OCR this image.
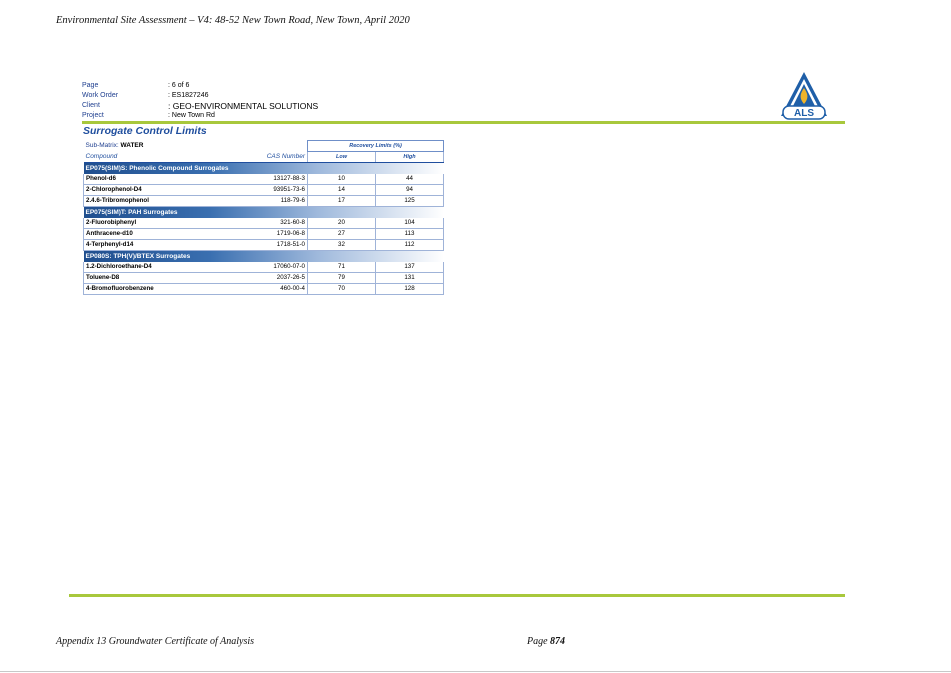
Environmental Site Assessment – V4: 48-52 New Town Road, New Town, April 2020
Page	: 6 of 6
Work Order	: ES1827246
Client	: GEO-ENVIRONMENTAL SOLUTIONS
Project	: New Town Rd	ALS
Surrogate Control Limits
Sub-Matrix: WATER		Recovery Limits (%)	
Compound	CAS Number	Low	High
EP075(SIM)S: Phenolic Compound Surrogates			
Phenol-d6	13127-88-3	10	44
2-Chlorophenol-D4	93951-73-6	14	94
2.4.6-Tribromophenol	118-79-6	17	125
EP075(SIM)T: PAH Surrogates			
2-Fluorobiphenyl	321-60-8	20	104
Anthracene-d10	1719-06-8	27	113
4-Terphenyl-d14	1718-51-0	32	112
EP080S: TPH(V)/BTEX Surrogates			
1.2-Dichloroethane-D4	17060-07-0	71	137
Toluene-D8	2037-26-5	79	131
4-Bromofluorobenzene	460-00-4	70	128
Appendix 13 Groundwater Certificate of Analysis	Page 874
